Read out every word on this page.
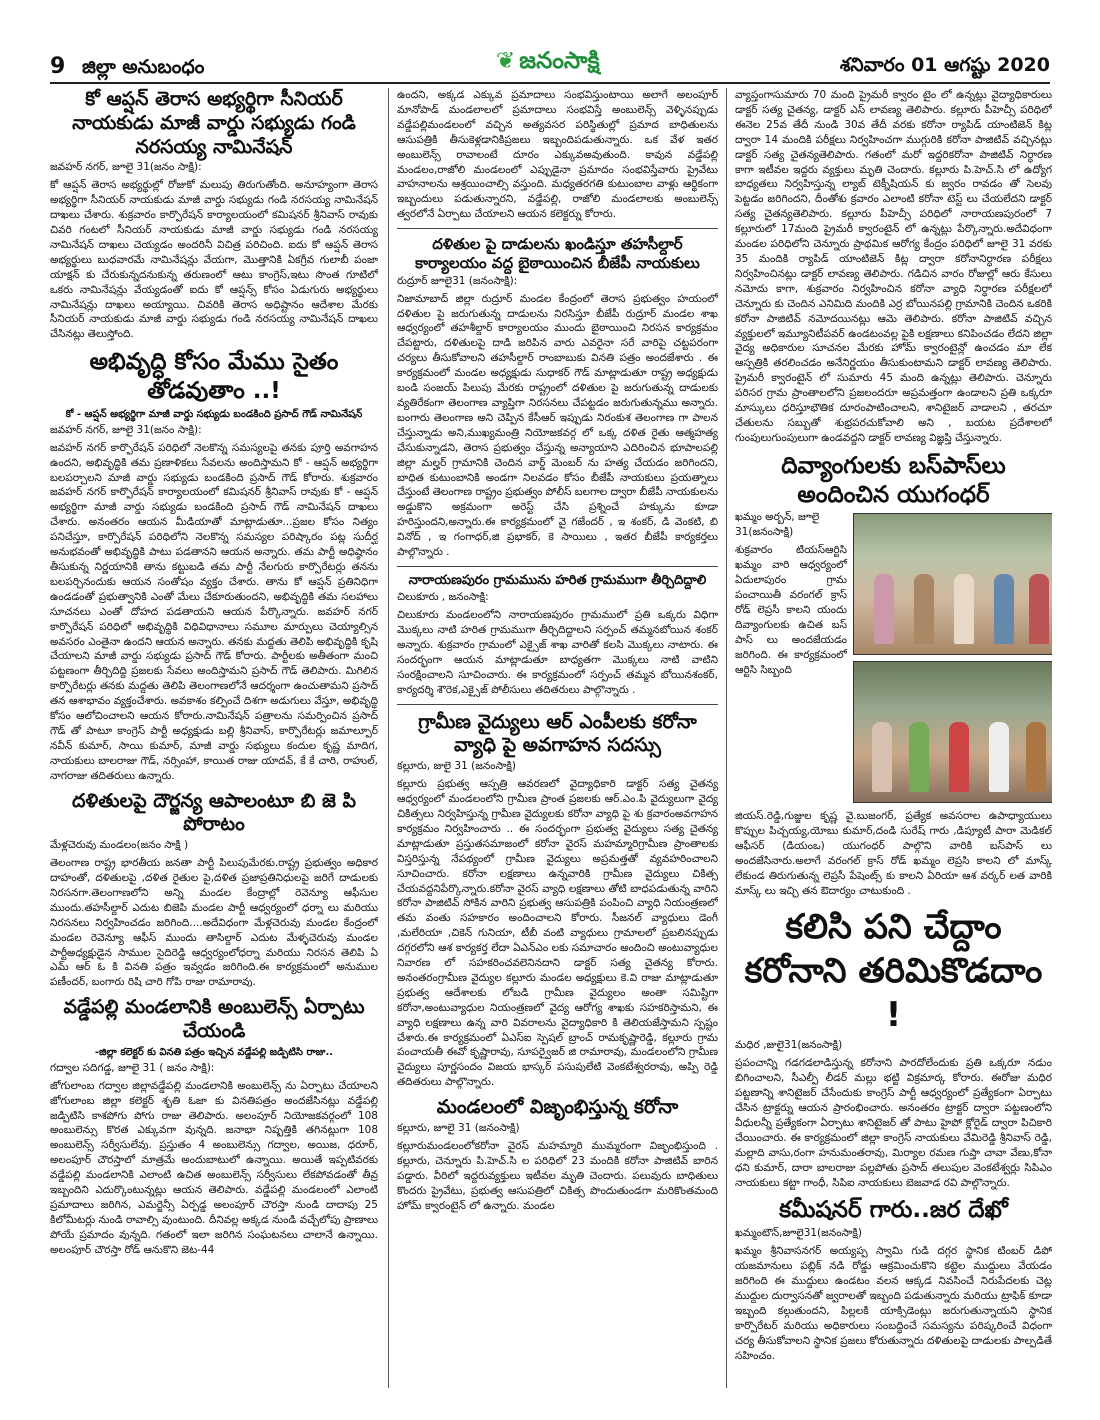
9 జిల్లా అనుబంధం	❦ జనంసాక్షి	శనివారం 01 ఆగష్టు 2020
కో ఆప్షన్ తెరాస అభ్యర్థిగా సీనియర్ నాయకుడు మాజీ వార్డు సభ్యుడు గండి నరసయ్య నామినేషన్
జవహర్ నగర్, జూలై 31(జనం సాక్షి):
కో ఆప్షన్ తెరాస అభ్యర్థుల్లో రోజుకో మలుపు తిరుగుతోంది. అనూహ్యంగా తెరాస అభ్యర్థిగా సీనియర్ నాయకుడు మాజీ వార్డు సభ్యుడు గండి నరసయ్య నామినేషన్ దాఖలు చేశారు. శుక్రవారం కార్పొరేషన్ కార్యాలయంలో కమిషనర్ శ్రీనివాస్ రావుకు చివరి గంటలో సీనియర్ నాయకుడు మాజీ వార్డు సభ్యుడు గండి నరసయ్య నామినేషన్ దాఖలు చెయ్యడం అందరినీ విచిత్ర పరిచింది. ఐదు కో ఆప్షన్ తెరాస అభ్యర్థులు బుధవారమే నామినేషన్లు వేయగా, మొత్తానికి ఏకగ్రీవ గులాబీ పంజా యాక్షన్ కు చేరుకున్నదనుకున్న తరుణంలో ఆటు కాంగ్రెస్,ఇటు సొంత గూటిలో ఒకరు నామినేషన్లు వేయ్యడంతో ఐదు కో ఆప్షన్స్ కోసం ఏడుగురు అభ్యర్థులు నామినేషన్లు దాఖలు అయ్యాయి. చివరికి తెరాస అధిష్టానం ఆదేశాల మేరకు సీనియర్ నాయకుడు మాజీ వార్డు సభ్యుడు గండి నరసయ్య నామినేషన్ దాఖలు చేసినట్లు తెలుస్తోంది.
అభివృద్ధి కోసం మేము సైతం తోడవుతాం ..!
కో - ఆప్షన్ అభ్యర్థిగా మాజీ వార్డు సభ్యుడు బండకింది ప్రసాద్ గౌడ్ నామినేషన్
జవహర్ నగర్, జూలై 31(జనం సాక్షి):
జవహర్ నగర్ కార్పొరేషన్ పరిధిలో నెలకొన్న సమస్యలపై తనకు పూర్తి అవగాహన ఉందని, అభివృద్ధికి తమ ప్రణాళికలు సేవలను అందిస్తామని కో - ఆప్షన్ అభ్యర్థిగా బలపర్చాలని మాజీ వార్డు సభ్యుడు బండకింది ప్రసాద్ గౌడ్ కోరారు. శుక్రవారం జవహర్ నగర్ కార్పొరేషన్ కార్యాలయంలో కమిషనర్ శ్రీనివాస్ రావుకు కో - ఆప్షన్ అభ్యర్థిగా మాజీ వార్డు సభ్యుడు బండకింది ప్రసాద్ గౌడ్ నామినేషన్ దాఖలు చేశారు. అనంతరం ఆయన మీడియాతో మాట్లాడుతూ...ప్రజల కోసం నిత్యం పనిచేస్తూ, కార్పొరేషన్ పరిధిలోని నెలకొన్న సమస్యల పరిష్కారం పట్ల సుదీర్ఘ అనుభవంతో అభివృద్ధికి పాటు పడతానని ఆయన అన్నారు. తమ పార్టీ అధిష్ఠానం తీసుకున్న నిర్ణయానికి తాను కట్టుబడి తమ పార్టీ నేలగురు కార్పొరేటర్లు తనను బలపర్చినందుకు ఆయన సంతోషం వ్యక్తం చేశారు. తాను కో ఆప్షన్ ప్రతినిధిగా ఉండడంతో ప్రభుత్వానికి ఎంతో మేలు చేకూరుతుందని, అభివృద్ధికి తమ సలహాలు సూచనలు ఎంతో దోహద పడతాయని ఆయన పేర్కొన్నారు. జవహర్ నగర్ కార్పొరేషన్ పరిధిలో అభివృద్ధికి విధివిధానాలు సమూల మార్పులు చెయ్యాల్సిన అవసరం ఎంతైనా ఉందని ఆయన అన్నారు. తనకు మద్దతు తెలిపి అభివృద్ధికి కృషి చేయాలని మాజీ వార్డు సభ్యుడు ప్రసాద్ గౌడ్ కోరారు. పార్టీలకు అతీతంగా మంచి పట్టణంగా తీర్చిదిద్ది ప్రజలకు సేవలు అందిస్తామని ప్రసాద్ గౌడ్ తెలిపారు. మిగిలిన కార్పొరేటర్లు తనకు మద్దతు తెలిపి తెలంగాణలోనే ఆదర్శంగా ఉంచుతామని ప్రసాద్ తన ఆశాభావం వ్యక్తంచేశారు. అవకాశం కల్పించే దిశగా అడుగులు వేస్తూ, అభివృద్ధి కోసం ఆలోచించాలని ఆయన కోరారు.నామినేషన్ పత్రాలను సమర్పించిన ప్రసాద్ గౌడ్ తో పాటూ కాంగ్రెస్ పార్టీ అధ్యక్షుడు బల్లి శ్రీనివాస్, కార్పొరేటర్లు జమాల్పూర్ నవీన్ కుమార్, సాయి కుమార్, మాజీ వార్డు సభ్యులు కందుల కృష్ణ మాదిగ, నాయకులు బాలరాజు గౌడ్, నర్సింహా, కాయిత రాజు యాదవ్, కే కే చారి, రాహుల్, నాగరాజు తదితరులు ఉన్నారు.
దళితులపై దౌర్జన్య ఆపాలంటూ బి జె పి పోరాటం
మేళ్లచెరువు మండలం(జనం సాక్షి )
తెలంగాణ రాష్ట్ర భారతీయ జనతా పార్టీ పిలుపుమేరకు.రాష్ట్ర ప్రభుత్వం అధికార దాహంతో, దళితులపై ,దళిత రైతుల పై,దళిత ప్రజాప్రతినిధులపై జరిగే దాడులకు నిరసనగా.తెలంగాణలోని అన్ని మండల కేంద్రాల్లో రెవెన్యూ ఆఫీసుల ముందు.తహసీల్దార్ ఎదుట బిజెపి మండల పార్టీ ఆధ్వర్యంలో ధర్నా లు మరియు నిరసనలు నిర్వహించడం జరిగింది....అదేవిధంగా మేళ్లచెరువు మండల కేంద్రంలో మండల రెవెన్యూ ఆఫీస్ ముందు తాసిల్దార్ ఎదుట మేళ్ళచెరువు మండల పార్టీఅధ్యక్షుడైన సాముల సైదిరెడ్డి ఆధ్వర్యంలోధర్నా మరియు నిరసన తెలిపి ఏ ఎమ్ ఆర్ ఓ కి వినతి పత్రం ఇవ్వడం జరిగింది.ఈ కార్యక్రమంలో అనుముల పణీందర్, బంగారు రిషి చారి గోపి రాజు రామారావు.
వడ్డేపల్లి మండలానికి అంబులెన్స్ ఏర్పాటు చేయండి
-జిల్లా కలెక్టర్ కు వినతి పత్రం ఇచ్చిన వడ్డేపల్లి జడ్పిటిసి రాజు..
గద్వాల సదిగడ్డ, జూలై 31 ( జనం సాక్షి):
జోగులాంబ గద్వాల జిల్లావడ్డేపల్లి మండలానికి అంబులెన్స్ ను ఏర్పాటు చేయాలని జోగులాంబ జిల్లా కలెక్టర్ శృతి ఓజా కు వినతిపత్రం అందజేసినట్లు వడ్డేపల్లి జడ్పిటిసి కాశపోగు పోగు రాజు తెలిపారు. అలంపూర్ నియోజకవర్గంలో 108 అంబులెన్సు కొరత ఎక్కువగా వున్నది. జనాభా నిష్పత్తికి తగినట్లుగా 108 అంబులెన్స్ సర్వీసులేవు. ప్రస్తుతం 4 అంబులెన్సు గద్వాల, అయిజ, ధరూర్, అలంపూర్ చౌరస్తాలో మాత్రమే అందుబాటులో ఉన్నాయి. అయితే ఇప్పటివరకు వడ్డేపల్లి మండలానికి ఎలాంటి ఉచిత అంబులెన్స్ సర్వీసులు లేకపోవడంతో తీవ్ర ఇబ్బందిని ఎదుర్కొంటున్నట్లు ఆయన తెలిపారు. వడ్డేపల్లి మండలంలో ఎలాంటి ప్రమాదాలు జరిగిన, ఎమర్జెన్సీ ఏర్పడ్డ అలంపూర్ చౌరస్తా నుండి దాదాపు 25 కిలోమీటర్లు నుండి రావాల్సి వుంటుంది. దీనివల్ల అక్కడ నుండి వచ్చేలోపు ప్రాణాలు పోయే ప్రమాదం వున్నది. గతంలో ఇలా జరిగిన సంఘటనలు చాలానే ఉన్నాయి. అలంపూర్ చౌరస్తా రోడ్ ఆనుకొని జెట-44
ఉందని, అక్కడ ఎక్కువ ప్రమాదాలు సంభవిస్తుంటాయి అలాగే అలంపూర్ మానోపాడ్ మండలాలలో ప్రమాదాలు సంభవిస్తే అంబులెన్స్ వెళ్ళినప్పుడు వడ్డేపల్లిమండలంలో వచ్చిన అత్యవసర పరిస్థితుల్లో ప్రమాద బాధితులను ఆసుపత్రికి తీసుకెళ్లడానికిప్రజలు ఇబ్బందిపడుతున్నారు. ఒక వేళ ఇతర అంబులెన్స్ రావాలంటే దూరం ఎక్కువఅవుతుంది. కావున వడ్డేపల్లి మండలం,రాజోలి మండలంలో ఎప్పుడైనా ప్రమాదం సంభవిస్తేవారు ప్రైవేటు వాహనాలను ఆశ్రయించాల్సి వస్తుంది. మధ్యతరగతి కుటుంబాల వాళ్లు ఆర్థికంగా ఇబ్బందులు పడుతున్నారని, వడ్డేపల్లి, రాజోలి మండలాలకు అంబులెన్స్ త్వరలోనే ఏర్పాటు చేయాలని ఆయన కలెక్టర్ను కోరారు.
దళితుల పై దాడులను ఖండిస్తూ తహసీల్దార్ కార్యాలయం వద్ద బైఠాయించిన బీజేపీ నాయకులు
రుద్రూర్ జూలై31 (జనంసాక్షి):
నిజామాబాద్ జిల్లా రుద్రూర్ మండల కేంద్రంలో తెరాస ప్రభుత్వం హయంలో దళితుల పై జరుగుతున్న దాడులను నిరసిస్తూ బీజేపీ రుద్రూర్ మండల శాఖ ఆధ్వర్యంలో తహశీల్దార్ కార్యాలయం ముందు బైఠాయించి నిరసన కార్యక్రమం చేపట్టారు, దళితులపై దాడి జరిపిన వారు ఎవరైనా సరే వారిపై చట్టపరంగా చర్యలు తీసుకోవాలని తహసీల్దార్ రాంబాబుకు వినతి పత్రం అందజేశారు . ఈ కార్యక్రమంలో మండల అధ్యక్షుడు సుధాకర్ గౌడ్ మాట్లాడుతూ రాష్ట్ర అధ్యక్షుడు బండి సంజయ్ పిలుపు మేరకు రాష్ట్రంలో దళితుల పై జరుగుతున్న దాడులకు వ్యతిరేకంగా తెలంగాణ వ్యాప్తిగా నిరసనలు చేపట్టడం జరుగుతున్నము అన్నారు. బంగారు తెలంగాణ అని చెప్పిన కేసీఆర్ ఇప్పుడు నిరంకుశ తెలంగాణ గా పాలన చేస్తున్నాడు అని,ముఖ్యమంత్రి నియోజకవర్గ లో ఒక్క దళిత రైతు ఆత్మహత్య చేసుకున్నాడని, తెరాస ప్రభుత్వం చేస్తున్న అన్యాయాని ఎదిరించిన భూపాలపల్లి జిల్లా మల్హర్ గ్రామానికి చెందిన వార్డ్ మెంబర్ ను హత్య చేయడం జరిగిందని, బాధిత కుటుంబానికి అండగా నిలవడం కోసం బీజేపీ నాయకులు ప్రయత్నాలు చేస్తుంటే తెలంగాణ రాష్ట్రం ప్రభుత్వం పోలీస్ బలగాల ద్వారా బీజేపీ నాయకులను అడ్డుకొని అక్రమంగా అరెస్ట్ చేసి ప్రశ్నించే హక్కును కూడా హరిస్తుందని,అన్నారు.ఈ కార్యక్రమంలో వై గజేందర్ , ఇ శంకర్, డి వెంకటి, బి వినోద్ , ఇ గంగాధర్,జి ప్రభాకర్, కె సాయిలు , ఇతర బీజేపీ కార్యకర్తలు పాల్గొన్నారు .
నారాయణపురం గ్రామమును హరిత గ్రామముగా తీర్చిదిద్దాలి
చిలుకూరు , జనంసాక్షి:
చిలుకూరు మండలంలోని నారాయణపురం గ్రామములో ప్రతి ఒక్కరు విధిగా మొక్కలు నాటి హరిత గ్రామముగా తీర్చిదిద్దాలని సర్పంచ్ తమ్మనబోయిన శంకర్ అన్నారు. శుక్రవారం గ్రామంలో ఎక్సైజ్ శాఖ వారితో కలసి మొక్కలు నాటారు. ఈ సందర్భంగా ఆయన మాట్లాడుతూ బాధ్యతగా మొక్కలు నాటి వాటిని సంరక్షించాలని సూచించారు. ఈ కార్యక్రమంలో సర్పంచ్ తమ్మన బోయినశంకర్, కార్యదర్శి శౌరెక,ఎక్సైజ్ పోలీసులు తదితరులు పాల్గొన్నారు .
గ్రామీణ వైద్యులు ఆర్ ఎంపీలకు కరోనా వ్యాధి పై అవగాహన సదస్సు
కల్లూరు, జులై 31 (జనంసాక్షి)
కల్లూరు ప్రభుత్వ ఆస్పత్రి ఆవరణలో వైద్యాధికారి డాక్టర్ సత్య చైతన్య ఆధ్వర్యంలో మండలంలోని గ్రామీణ ప్రాంత ప్రజలకు ఆర్.ఎం.పి వైద్యులుగా వైద్య చికిత్సలు నిర్వహిస్తున్న గ్రామీణ వైద్యులకు కరోనా వ్యాధి పై శు క్రవారంఅవగాహన కార్యక్రమం నిర్వహించారు .. ఈ సందర్భంగా ప్రభుత్వ వైద్యులు సత్య చైతన్య మాట్లాడుతూ ప్రస్తుతసమాజంలో కరోనా వైరస్ మహమ్మారిగ్రామీణ ప్రాంతాలకు విస్తరిస్తున్న నేపథ్యంలో గ్రామీణ వైద్యులు అప్రమత్తతో వ్యవహరించాలని సూచించారు. కరోనా లక్షణాలు ఉన్నవారికి గ్రామీణ వైద్యులు చికిత్స చేయవద్దనిపేర్కొన్నారు.కరోనా వైరస్ వ్యాధి లక్షణాలు తోటి బాధపడుతున్న వారిని కరోనా పాజిటివ్ సోకిన వారిని ప్రభుత్వ ఆసుపత్రికి పంపించి వ్యాధి నియంత్రణలో తమ వంతు సహకారం అందించాలని కోరారు. సీజనల్ వ్యాధులు డెంగీ ,మలేరియా ,చికెన్ గునియా, టీబీ వంటి వ్యాధులు గ్రామాలలో ప్రబలినప్పుడు దగ్గరలోని ఆశ కార్యకర్త లేదా ఏఎన్ఎం లకు సమాచారం అందించి అంటువ్యాధుల నివారణ లో సహకరించవలెనినదాని డాక్టర్ సత్య చైతన్య కోరారు. అనంతరంగ్రామీణ వైద్యుల కల్లూరు మండల అధ్యక్షులు కె.వి రాజు మాట్లాడుతూ ప్రభుత్వ ఆదేశాలకు లోబడి గ్రామీణ వైద్యులం అంతా సమిష్టిగా కరోనా,అంటువ్యాధుల నియంత్రణలో వైద్య ఆరోగ్య శాఖకు సహకరిస్తామని, ఈ వ్యాధి లక్షణాలు ఉన్న వారి వివరాలను వైద్యాధికారి కి తెలియజేస్తామని స్పష్టం చేశారు.ఈ కార్యక్రమంలో ఏఎస్ఐ స్పెషల్ బ్రాంచ్ రామకృష్ణారెడ్డి, కల్లూరు గ్రామ పంచాయతీ ఈవో కృష్ణారావు, సూపర్వైజర్ జి రామారావు, మండలంలోని గ్రామీణ వైద్యులు పూర్ణసందం విజయ భాస్కర్ పసుపులేటి వెంకటేశ్వరరావు, అప్పి రెడ్డి తదితరులు పాల్గొన్నారు.
మండలంలో విజృంభిస్తున్న కరోనా
కల్లూరు, జూలై 31 (జనంసాక్షి)
కల్లూరుమండలంలోకరోనా వైరస్ మహమ్మారి ముమ్మరంగా విజృంభిస్తుంది . కల్లూరు, చెన్నూరు పి.హెచ్.సి ల పరిధిలో 23 మందికి కరోనా పాజిటివ్ బారిన పడ్డారు. వీరిలో ఇద్దరువ్యక్తులు ఇటీవల మృతి చెందారు. పలువురు బాధితులు కొందరు ప్రైవేటు, ప్రభుత్వ ఆసుపత్రిలో చికిత్స పొందుతుండగా మరికొంతమంది హోమ్ క్వారంటైన్ లో ఉన్నారు. మండల
వ్యాప్తంగాసుమారు 70 మంది ప్రైమరీ క్వారం టైం లో ఉన్నట్లు వైద్యాధికారులు డాక్టర్ సత్య చైతన్య, డాక్టర్ ఎస్ లావణ్య తెలిపారు. కల్లూరు పీహెచ్సీ పరిధిలో ఈనెల 25వ తేదీ నుండి 30వ తేదీ వరకు కరోనా ర్యాపిడ్ యాంటిజెన్ కిట్ల ద్వారా 14 మందికి పరీక్షలు నిర్వహించగా ముగ్గురికి కరోనా పాజిటివ్ వచ్చినట్లు డాక్టర్ సత్య చైతన్యతెలిపారు. గతంలో మరో ఇద్దరికరోనా పాజిటివ్ నిర్ధారణ కాగా ఇటీవల ఇద్దరు వ్యక్తులు మృతి చెందారు. కల్లూరు పి.హెచ్.సి లో ఉద్యోగ బాధ్యతలు నిర్వహిస్తున్న ల్యాబ్ టెక్నీషియన్ కు జ్వరం రావడం తో సెలవు పెట్టడం జరిగిందని, దీంతోశు క్రవారం ఎలాంటి కరోనా టెస్ట్ లు చేయలేదని డాక్టర్ సత్య చైతన్యతెలిపారు. కల్లూరు పీహెచ్సీ పరిధిలో నారాయణపురంలో 7 కల్లూరులో 17మంది ప్రైమరీ క్వారంటైన్ లో ఉన్నట్లు పేర్కొన్నారు.అదేవిధంగా మండల పరిధిలోని చెన్నూరు ప్రాథమిక ఆరోగ్య కేంద్రం పరిధిలో జూలై 31 వరకు 35 మందికి ర్యాపిడ్ యాంటిజెన్ కిట్ల ద్వారా కరోనానిర్ధారణ పరీక్షలు నిర్వహించినట్లు డాక్టర్ లావణ్య తెలిపారు. గడిచిన వారం రోజుల్లో ఆరు కేసులు నమోదు కాగా, శుక్రవారం నిర్వహించిన కరోనా వ్యాధి నిర్ధారణ పరీక్షలలో చెన్నూరు కు చెందిన ఎనిమిది మందికి ఎర్ర బోయినపల్లి గ్రామానికి చెందిన ఒకరికి కరోనా పాజిటివ్ నమోదయినట్లు ఆమె తెలిపారు. కరోనా పాజిటివ్ వచ్చిన వ్యక్తులలో ఇమ్యూనిటీపవర్ ఉండటంవల్ల పైకి లక్షణాలు కనిపించడం లేదని జిల్లా వైద్య అధికారుల సూచనల మేరకు హోమ్ క్వారంటైన్లో ఉంచడం మా లేక ఆస్పత్రికి తరలించడం అనేనిర్ణయం తీసుకుంటామని డాక్టర్ లావణ్య తెలిపారు. ప్రైమరీ క్వారంటైన్ లో సుమారు 45 మంది ఉన్నట్లు తెలిపారు. చెన్నూరు పరిసర గ్రామ ప్రాంతాలలోని ప్రజలందరూ అప్రమత్తంగా ఉండాలని ప్రతి ఒక్కరూ మాస్కులు ధరిస్తూభౌతిక దూరంపాటించాలని, శానిటైజర్ వాడాలని , తరచూ చేతులను సబ్బుతో శుభ్రపరచుకోవాలి అని , బయట ప్రదేశాలలో గుంపులుగుంపులుగా ఉండవద్దని డాక్టర్ లావణ్య విజ్ఞప్తి చేస్తున్నారు.
దివ్యాంగులకు బస్‌పాస్‌లు అందించిన యుగంధర్
ఖమ్మం అర్బన్, జూలై 31(జనంసాక్షి)
శుక్రవారం టియస్ఆర్టిసి ఖమ్మం వారి ఆధ్వర్యంలో ఏదులాపురం గ్రామ పంచాయితీ వరంగల్ క్రాస్ రోడ్ లెప్రసీ కాలని యందు దివ్యాంగులకు ఉచిత బస్ పాస్ లు అందజేయడం జరిగింది. ఈ కార్యక్రమంలో ఆర్టిసి సిబ్బంది
జియస్.రెడ్డి,గుజ్జుల కృష్ణ వై.బుజంగర్, ప్రత్యేక అవసరాల ఉపాధ్యాయులు కొప్పుల పిచ్చయ్య,యోబు కుమార్,దండి సురేష్ గారు ,డిప్యూటీ పారా మెడికల్ ఆఫీసర్ (డియంఒ) యుగంధర్ పాల్గొని వారికి బస్‌పాస్ లు అందజేసినారు.అలాగే వరంగల్ క్రాస్ రోడ్ ఖమ్మం లెప్రసి కాలని లో మాస్క్ లేకుండ తిరుగుతున్న లెప్రసీ పేషెంట్స్ కు కాలని ఏరియా ఆశ వర్కర్ లత వారికి మాస్క్ లు ఇచ్చి తన ఔదార్యం చాటుకుంది .
కలిసి పని చేద్దాం కరోనాని తరిమికొడదాం !
మధిర ,జులై31(జనంసాక్షి)
ప్రపంచాన్ని గడగడలాడిస్తున్న కరోనాని పారదోలేందుకు ప్రతి ఒక్కరూ నడుం బిగించాలని, సీఎల్పీ లీడర్ మల్లు భట్టి విక్రమార్క కోరారు. ఈరోజు మధిర పట్టణాన్ని శానిటైజర్ చేసేందుకు కాంగ్రెస్ పార్టీ ఆధ్వర్యంలో ప్రత్యేకంగా ఏర్పాటు చేసిన ట్రాక్టర్ను ఆయన ప్రారంభించారు. అనంతరం ట్రాక్టర్ ద్వారా పట్టణంలోని వీధులన్నీ ప్రత్యేకంగా ఏర్పాటు శానిటైజర్ తో పాటు హైపో క్లోరైడ్ ద్వారా పిచికారి చేయించారు. ఈ కార్యక్రమంలో జిల్లా కాంగ్రెస్ నాయకులు వేమిరెడ్డి శ్రీనివాస్ రెడ్డి, మల్లాది వాసు,రంగా హనుమంతరావు, మిర్యాల రమణ గుప్తా చావా వేణు,కోనా ధని కుమార్, దారా బాలరాజు పల్లపోతు ప్రసాద్ తలుపుల వెంకటేశ్వర్లు సిపిఎం నాయకులు కట్టా గాంధీ, సిపిఐ నాయకులు బెజవాడ రవి పాల్గొన్నారు.
కమీషనర్ గారు..జర దేఖో
ఖమ్మంటౌన్,జూలై31(జనంసాక్షి)
ఖమ్మం శ్రీనివాసనగర్ అయ్యప్ప స్వామి గుడి దగ్గర స్థానిక టింబర్ డిపో యజమానులు పబ్లిక్ నడి రోడ్డు ఆక్రమించుకొని కట్టెల ముద్దులు వేయడం జరిగింది ఈ ముద్దులు ఉండటం వలన ఆక్కడ నివసించే నిరుపేదలకు చెట్ల ముద్దుల దుర్వాసనతో జ్వరాలతో ఇబ్బంది పడుతున్నారు మరియు ట్రాఫిక్ కూడా ఇబ్బంది కల్గుతుందని, పిల్లలకి యాక్సిడెంట్లు జరుగుతున్నాయని స్థానిక కార్పొరేటర్ మరియు అధికారులు సంబద్ధించే సమస్యను పరిష్కరించే విధంగా చర్య తీసుకోవాలని స్థానిక ప్రజలు కోరుతున్నారు దళితులపై దాడులకు పాల్పడితే సహించం.
